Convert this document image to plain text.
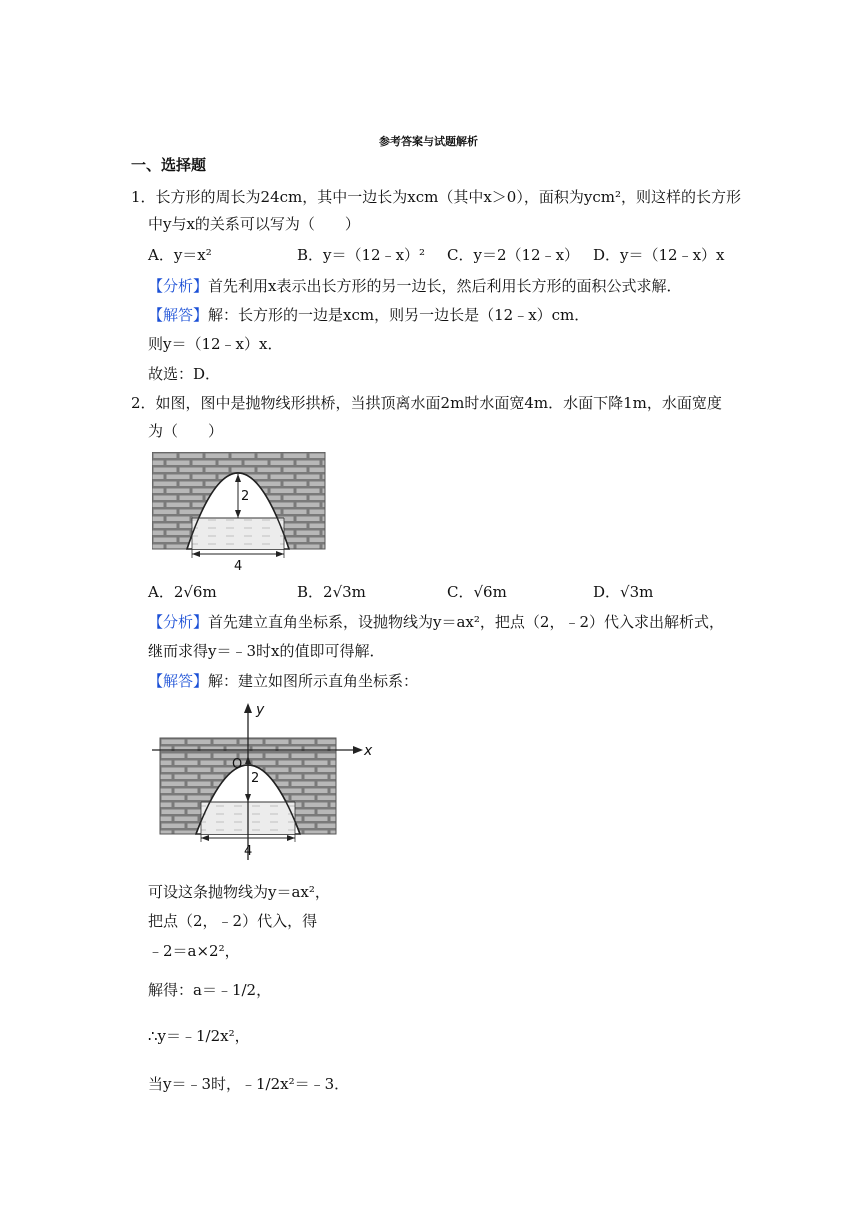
参考答案与试题解析
一、选择题
1．长方形的周长为24cm，其中一边长为xcm（其中x＞0），面积为ycm²，则这样的长方形
中y与x的关系可以写为（　　）
A．y＝x²	B．y＝（12﹣x）² C．y＝2（12﹣x） D．y＝（12﹣x）x
【分析】首先利用x表示出长方形的另一边长，然后利用长方形的面积公式求解．
【解答】解：长方形的一边是xcm，则另一边长是（12﹣x）cm．
则y＝（12﹣x）x．
故选：D．
2．如图，图中是抛物线形拱桥，当拱顶离水面2m时水面宽4m．水面下降1m，水面宽度
为（　　）
2
4
A．2√6m	B．2√3m	C．√6m	D．√3m
【分析】首先建立直角坐标系，设抛物线为y＝ax²，把点（2，﹣2）代入求出解析式，
继而求得y＝﹣3时x的值即可得解．
【解答】解：建立如图所示直角坐标系：
y
x
O
2
4
可设这条抛物线为y＝ax²，
把点（2，﹣2）代入，得
﹣2＝a×2²，
解得：a＝﹣1/2，
∴y＝﹣1/2x²，
当y＝﹣3时，﹣1/2x²＝﹣3．
